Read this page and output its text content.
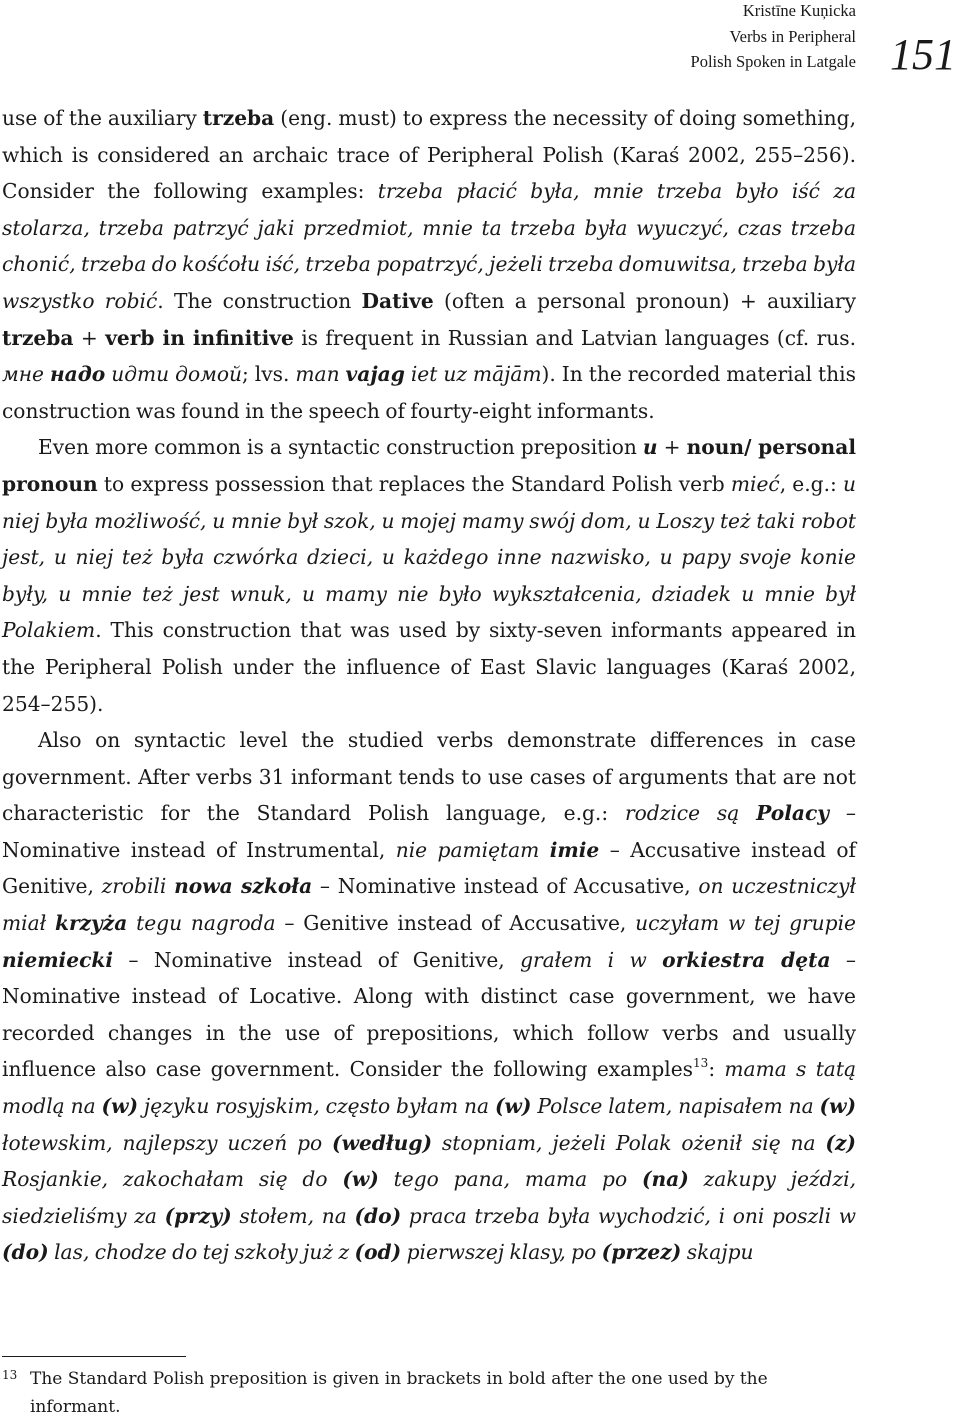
Kristīne Kuņicka
Verbs in Peripheral
Polish Spoken in Latgale 151

use of the auxiliary trzeba (eng. must) to express the necessity of doing something, which is considered an archaic trace of Peripheral Polish (Karaś 2002, 255–256). Consider the following examples: trzeba płacić była, mnie trzeba było iść za stolarza, trzeba patrzyć jaki przedmiot, mnie ta trzeba była wyuczyć, czas trzeba chonić, trzeba do kośćołu iść, trzeba popatrzyć, jeżeli trzeba domuwitsa, trzeba była wszystko robić. The construction Dative (often a personal pronoun) + auxiliary trzeba + verb in infinitive is frequent in Russian and Latvian languages (cf. rus. мне надо идти домой; lvs. man vajag iet uz mājām). In the recorded material this construction was found in the speech of fourty-eight informants.

Even more common is a syntactic construction preposition u + noun/ personal pronoun to express possession that replaces the Standard Polish verb mieć, e.g.: u niej była możliwość, u mnie był szok, u mojej mamy swój dom, u Loszy też taki robot jest, u niej też była czwórka dzieci, u każdego inne nazwisko, u papy svoje konie były, u mnie też jest wnuk, u mamy nie było wykształcenia, dziadek u mnie był Polakiem. This construction that was used by sixty-seven informants appeared in the Peripheral Polish under the influence of East Slavic languages (Karaś 2002, 254–255).

Also on syntactic level the studied verbs demonstrate differences in case government. After verbs 31 informant tends to use cases of arguments that are not characteristic for the Standard Polish language, e.g.: rodzice są Polacy – Nominative instead of Instrumental, nie pamiętam imie – Accusative instead of Genitive, zrobili nowa szkoła – Nominative instead of Accusative, on uczestniczył miał krzyża tegu nagroda – Genitive instead of Accusative, uczyłam w tej grupie niemiecki – Nominative instead of Genitive, grałem i w orkiestra dęta – Nominative instead of Locative. Along with distinct case government, we have recorded changes in the use of prepositions, which follow verbs and usually influence also case government. Consider the following examples$^{13}$: mama s tatą modlą na (w) języku rosyjskim, często byłam na (w) Polsce latem, napisałem na (w) łotewskim, najlepszy uczeń po (według) stopniam, jeżeli Polak ożenił się na (z) Rosjankie, zakochałam się do (w) tego pana, mama po (na) zakupy jeździ, siedzieliśmy za (przy) stołem, na (do) praca trzeba była wychodzić, i oni poszli w (do) las, chodze do tej szkoły już z (od) pierwszej klasy, po (przez) skajpu

13 The Standard Polish preposition is given in brackets in bold after the one used by the informant.
